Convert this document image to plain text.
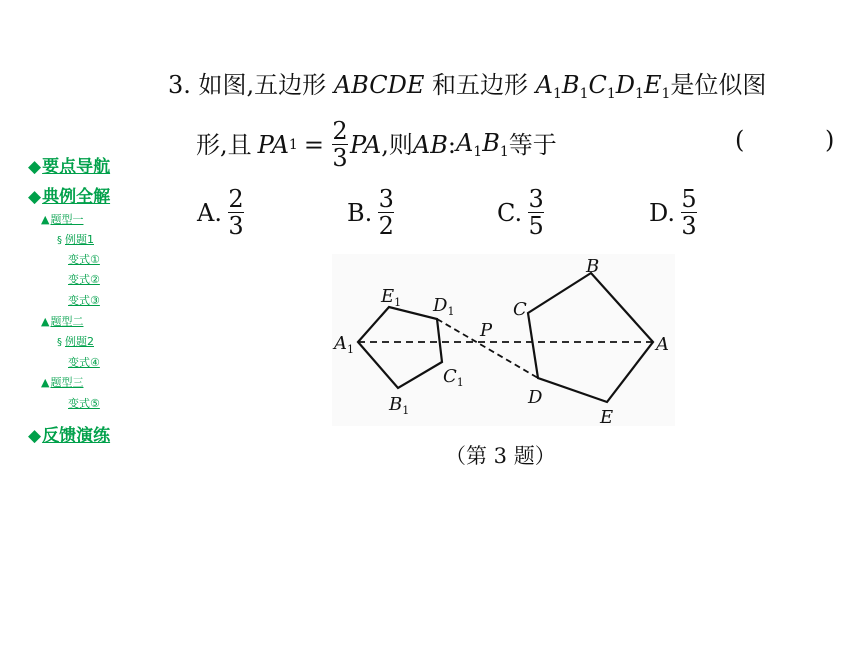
◆要点导航
◆典例全解
▲题型一
§ 例题1
变式①
变式②
变式③
▲题型二
§ 例题2
变式④
▲题型三
变式⑤
◆反馈演练
3. 如图,五边形 ABCDE 和五边形 $A_1B_1C_1D_1E_1$是位似图
形,且 PA $1 = \frac{2}{3}$ PA ,则 AB : $A_1B_1$ 等于	(	)
A. $\frac{2}{3}$	B. $\frac{3}{2}$	C. $\frac{3}{5}$	D. $\frac{5}{3}$
B
C
P
A
D
E
$E_1$ $D_1$
$A_1$
$C_1$
$B_1$
（第 3 题）
